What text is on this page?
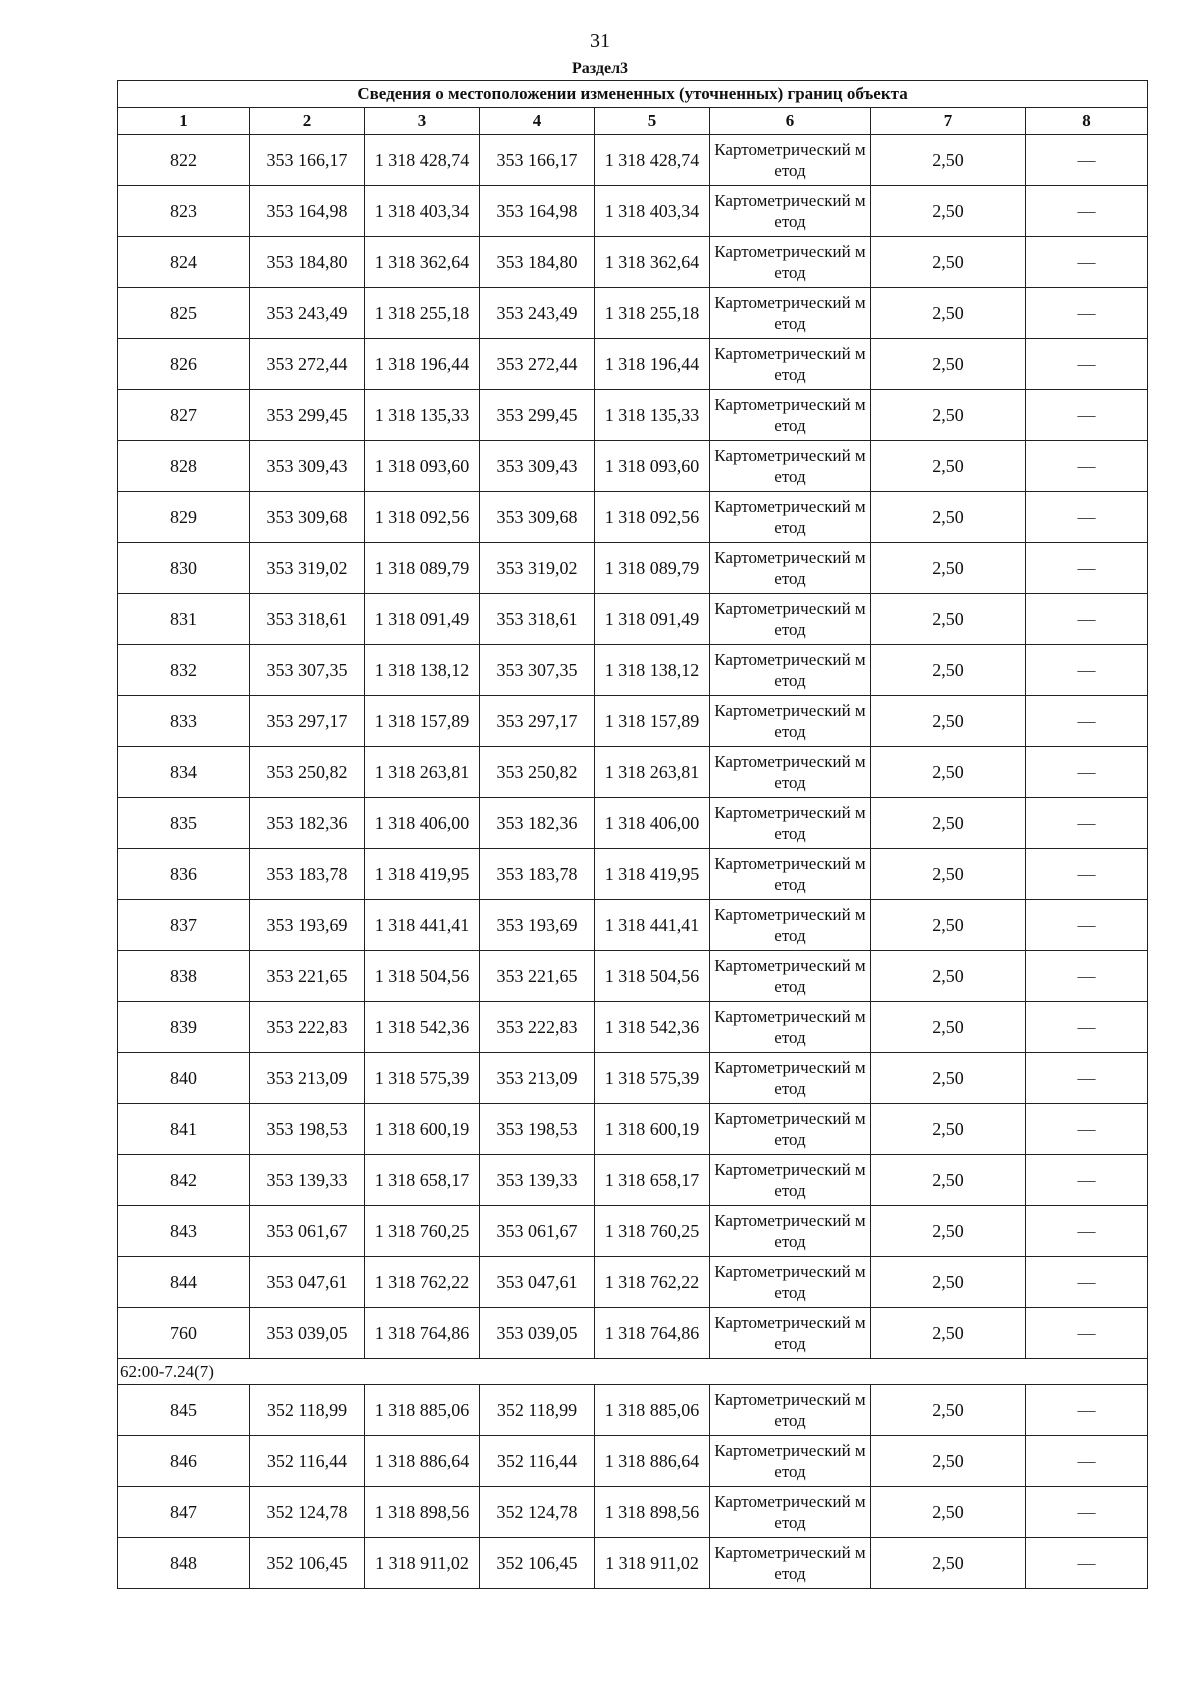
31
Раздел3
Сведения о местоположении измененных (уточненных) границ объекта							
1	2	3	4	5	6	7	8
822	353 166,17	1 318 428,74	353 166,17	1 318 428,74	Картометрический метод	2,50	—
823	353 164,98	1 318 403,34	353 164,98	1 318 403,34	Картометрический метод	2,50	—
824	353 184,80	1 318 362,64	353 184,80	1 318 362,64	Картометрический метод	2,50	—
825	353 243,49	1 318 255,18	353 243,49	1 318 255,18	Картометрический метод	2,50	—
826	353 272,44	1 318 196,44	353 272,44	1 318 196,44	Картометрический метод	2,50	—
827	353 299,45	1 318 135,33	353 299,45	1 318 135,33	Картометрический метод	2,50	—
828	353 309,43	1 318 093,60	353 309,43	1 318 093,60	Картометрический метод	2,50	—
829	353 309,68	1 318 092,56	353 309,68	1 318 092,56	Картометрический метод	2,50	—
830	353 319,02	1 318 089,79	353 319,02	1 318 089,79	Картометрический метод	2,50	—
831	353 318,61	1 318 091,49	353 318,61	1 318 091,49	Картометрический метод	2,50	—
832	353 307,35	1 318 138,12	353 307,35	1 318 138,12	Картометрический метод	2,50	—
833	353 297,17	1 318 157,89	353 297,17	1 318 157,89	Картометрический метод	2,50	—
834	353 250,82	1 318 263,81	353 250,82	1 318 263,81	Картометрический метод	2,50	—
835	353 182,36	1 318 406,00	353 182,36	1 318 406,00	Картометрический метод	2,50	—
836	353 183,78	1 318 419,95	353 183,78	1 318 419,95	Картометрический метод	2,50	—
837	353 193,69	1 318 441,41	353 193,69	1 318 441,41	Картометрический метод	2,50	—
838	353 221,65	1 318 504,56	353 221,65	1 318 504,56	Картометрический метод	2,50	—
839	353 222,83	1 318 542,36	353 222,83	1 318 542,36	Картометрический метод	2,50	—
840	353 213,09	1 318 575,39	353 213,09	1 318 575,39	Картометрический метод	2,50	—
841	353 198,53	1 318 600,19	353 198,53	1 318 600,19	Картометрический метод	2,50	—
842	353 139,33	1 318 658,17	353 139,33	1 318 658,17	Картометрический метод	2,50	—
843	353 061,67	1 318 760,25	353 061,67	1 318 760,25	Картометрический метод	2,50	—
844	353 047,61	1 318 762,22	353 047,61	1 318 762,22	Картометрический метод	2,50	—
760	353 039,05	1 318 764,86	353 039,05	1 318 764,86	Картометрический метод	2,50	—
62:00-7.24(7)							
845	352 118,99	1 318 885,06	352 118,99	1 318 885,06	Картометрический метод	2,50	—
846	352 116,44	1 318 886,64	352 116,44	1 318 886,64	Картометрический метод	2,50	—
847	352 124,78	1 318 898,56	352 124,78	1 318 898,56	Картометрический метод	2,50	—
848	352 106,45	1 318 911,02	352 106,45	1 318 911,02	Картометрический метод	2,50	—
